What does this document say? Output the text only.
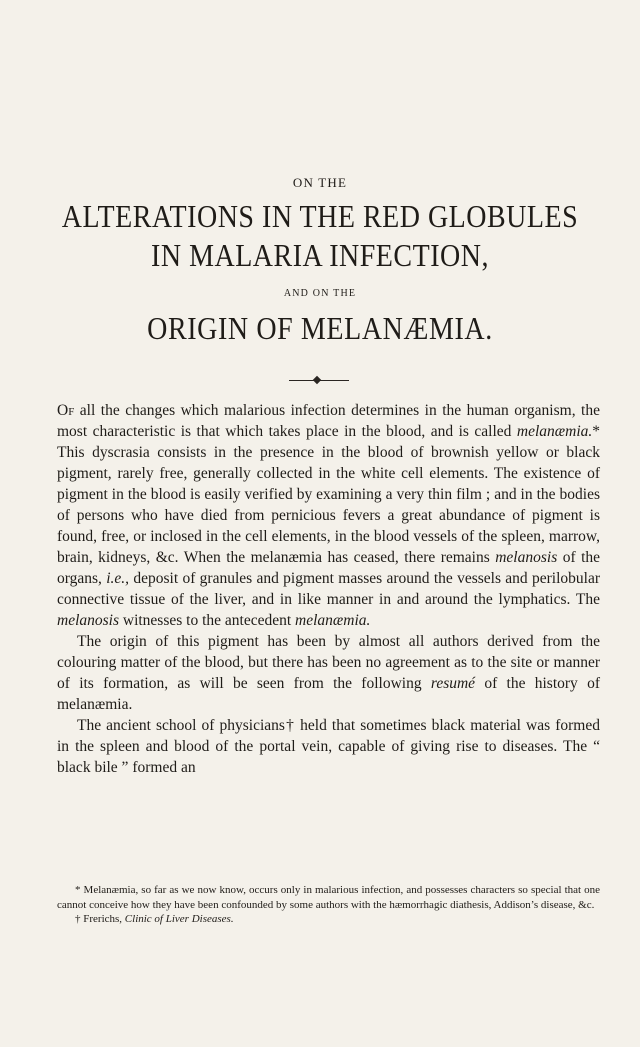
ON THE
ALTERATIONS IN THE RED GLOBULES
IN MALARIA INFECTION,
AND ON THE
ORIGIN OF MELANÆMIA.

Of all the changes which malarious infection determines in the human organism, the most characteristic is that which takes place in the blood, and is called melanæmia.* This dyscrasia consists in the presence in the blood of brownish yellow or black pigment, rarely free, generally collected in the white cell elements. The existence of pigment in the blood is easily verified by examining a very thin film ; and in the bodies of persons who have died from pernicious fevers a great abundance of pigment is found, free, or inclosed in the cell elements, in the blood vessels of the spleen, marrow, brain, kidneys, &c. When the melanæmia has ceased, there remains melanosis of the organs, i.e., deposit of granules and pigment masses around the vessels and perilobular connective tissue of the liver, and in like manner in and around the lymphatics. The melanosis witnesses to the antecedent melanæmia.

The origin of this pigment has been by almost all authors derived from the colouring matter of the blood, but there has been no agreement as to the site or manner of its formation, as will be seen from the following resumé of the history of melanæmia.

The ancient school of physicians† held that sometimes black material was formed in the spleen and blood of the portal vein, capable of giving rise to diseases. The “ black bile ” formed an

* Melanæmia, so far as we now know, occurs only in malarious infection, and possesses characters so special that one cannot conceive how they have been confounded by some authors with the hæmorrhagic diathesis, Addison’s disease, &c.

† Frerichs, Clinic of Liver Diseases.
